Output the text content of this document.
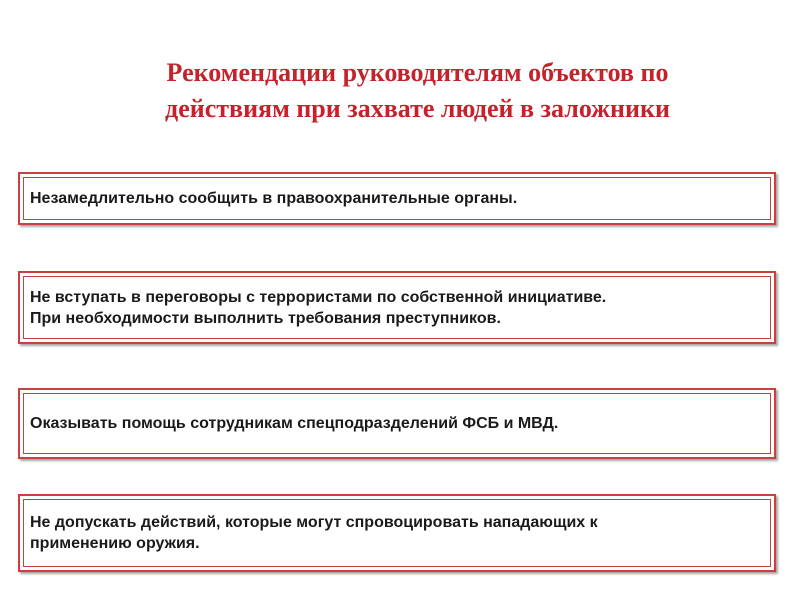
Рекомендации руководителям объектов по
действиям при захвате людей в заложники
Незамедлительно сообщить в правоохранительные органы.
Не вступать в переговоры с террористами по собственной инициативе.
При необходимости выполнить требования преступников.
Оказывать помощь сотрудникам спецподразделений ФСБ и МВД.
Не допускать действий, которые могут спровоцировать нападающих к
применению оружия.
